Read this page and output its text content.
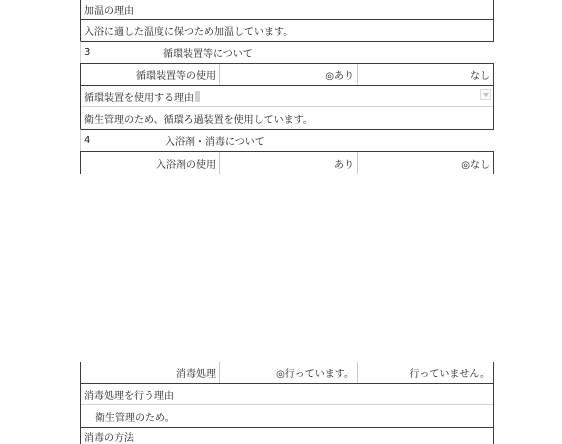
加温の理由
入浴に適した温度に保つため加温しています。
3	循環装置等について
循環装置等の使用	◎あり	なし
循環装置を使用する理由
衛生管理のため、循環ろ過装置を使用しています。
4	入浴剤・消毒について
入浴剤の使用	あり	◎なし
消毒処理	◎行っています。	行っていません。
消毒処理を行う理由
衛生管理のため。
消毒の方法
